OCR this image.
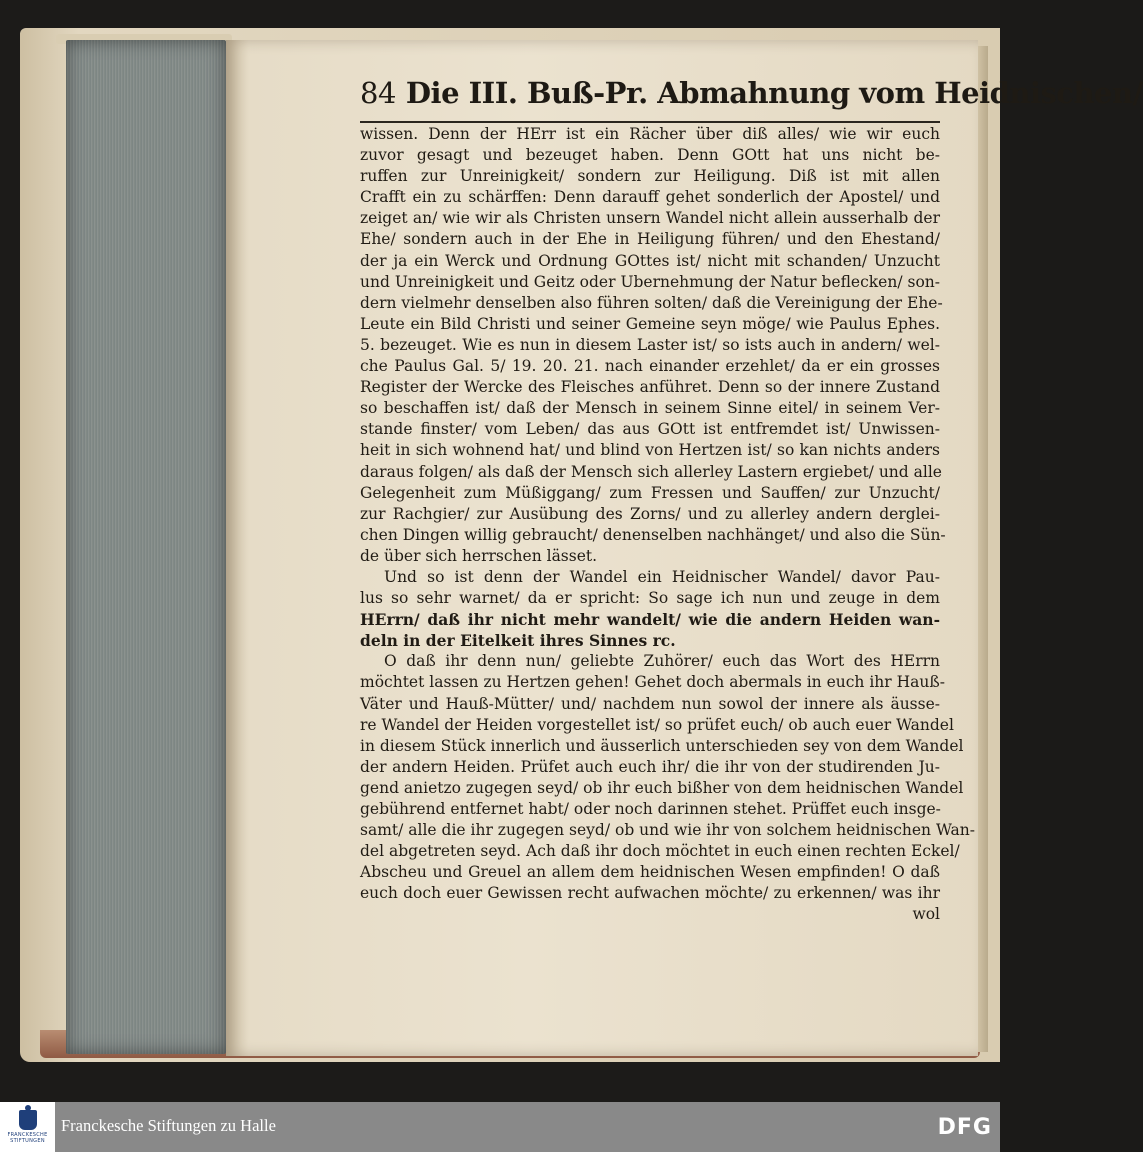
84 Die III. Buß-Pr. Abmahnung vom Heidnischen/
wissen. Denn der HErr ist ein Rächer über diß alles/ wie wir euch
zuvor gesagt und bezeuget haben. Denn GOtt hat uns nicht be-
ruffen zur Unreinigkeit/ sondern zur Heiligung. Diß ist mit allen
Crafft ein zu schärffen: Denn darauff gehet sonderlich der Apostel/ und
zeiget an/ wie wir als Christen unsern Wandel nicht allein ausserhalb der
Ehe/ sondern auch in der Ehe in Heiligung führen/ und den Ehestand/
der ja ein Werck und Ordnung GOttes ist/ nicht mit schanden/ Unzucht
und Unreinigkeit und Geitz oder Ubernehmung der Natur beflecken/ son-
dern vielmehr denselben also führen solten/ daß die Vereinigung der Ehe-
Leute ein Bild Christi und seiner Gemeine seyn möge/ wie Paulus Ephes.
5. bezeuget. Wie es nun in diesem Laster ist/ so ists auch in andern/ wel-
che Paulus Gal. 5/ 19. 20. 21. nach einander erzehlet/ da er ein grosses
Register der Wercke des Fleisches anführet. Denn so der innere Zustand
so beschaffen ist/ daß der Mensch in seinem Sinne eitel/ in seinem Ver-
stande finster/ vom Leben/ das aus GOtt ist entfremdet ist/ Unwissen-
heit in sich wohnend hat/ und blind von Hertzen ist/ so kan nichts anders
daraus folgen/ als daß der Mensch sich allerley Lastern ergiebet/ und alle
Gelegenheit zum Müßiggang/ zum Fressen und Sauffen/ zur Unzucht/
zur Rachgier/ zur Ausübung des Zorns/ und zu allerley andern derglei-
chen Dingen willig gebraucht/ denenselben nachhänget/ und also die Sün-
de über sich herrschen lässet.
Und so ist denn der Wandel ein Heidnischer Wandel/ davor Pau-
lus so sehr warnet/ da er spricht: So sage ich nun und zeuge in dem
HErrn/ daß ihr nicht mehr wandelt/ wie die andern Heiden wan-
deln in der Eitelkeit ihres Sinnes rc.
O daß ihr denn nun/ geliebte Zuhörer/ euch das Wort des HErrn
möchtet lassen zu Hertzen gehen! Gehet doch abermals in euch ihr Hauß-
Väter und Hauß-Mütter/ und/ nachdem nun sowol der innere als äusse-
re Wandel der Heiden vorgestellet ist/ so prüfet euch/ ob auch euer Wandel
in diesem Stück innerlich und äusserlich unterschieden sey von dem Wandel
der andern Heiden. Prüfet auch euch ihr/ die ihr von der studirenden Ju-
gend anietzo zugegen seyd/ ob ihr euch bißher von dem heidnischen Wandel
gebührend entfernet habt/ oder noch darinnen stehet. Prüffet euch insge-
samt/ alle die ihr zugegen seyd/ ob und wie ihr von solchem heidnischen Wan-
del abgetreten seyd. Ach daß ihr doch möchtet in euch einen rechten Eckel/
Abscheu und Greuel an allem dem heidnischen Wesen empfinden! O daß
euch doch euer Gewissen recht aufwachen möchte/ zu erkennen/ was ihr
wol
FRANCKESCHE STIFTUNGEN
Franckesche Stiftungen zu Halle	DFG
